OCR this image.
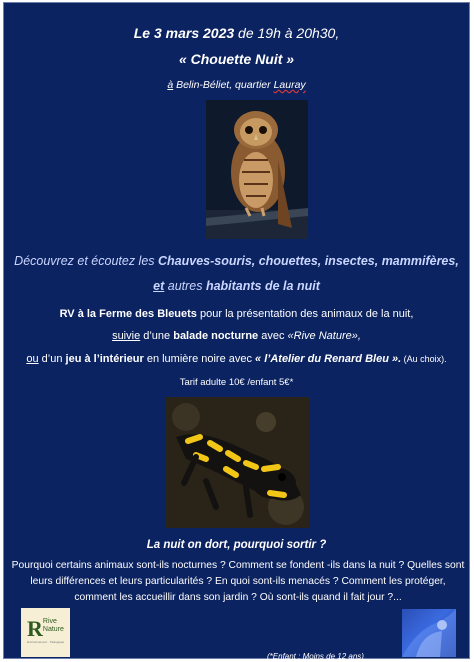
Le 3 mars 2023 de 19h à 20h30,
« Chouette Nuit »
à Belin-Béliet, quartier Lauray
Découvrez et écoutez les Chauves-souris, chouettes, insectes, mammifères,
et autres habitants de la nuit
RV à la Ferme des Bleuets pour la présentation des animaux de la nuit,
suivie d’une balade nocturne avec «Rive Nature»,
ou d’un jeu à l’intérieur en lumière noire avec « l’Atelier du Renard Bleu ». (Au choix).
Tarif adulte 10€ /enfant 5€*
La nuit on dort, pourquoi sortir ?
Pourquoi certains animaux sont-ils nocturnes ? Comment se fondent -ils dans la nuit ? Quelles sont leurs différences et leurs particularités ? En quoi sont-ils menacés ? Comment les protéger, comment les accueillir dans son jardin ? Où sont-ils quand il fait jour ?...
R Rive
Nature
Environnement · Pédagogie
(*Enfant : Moins de 12 ans)
